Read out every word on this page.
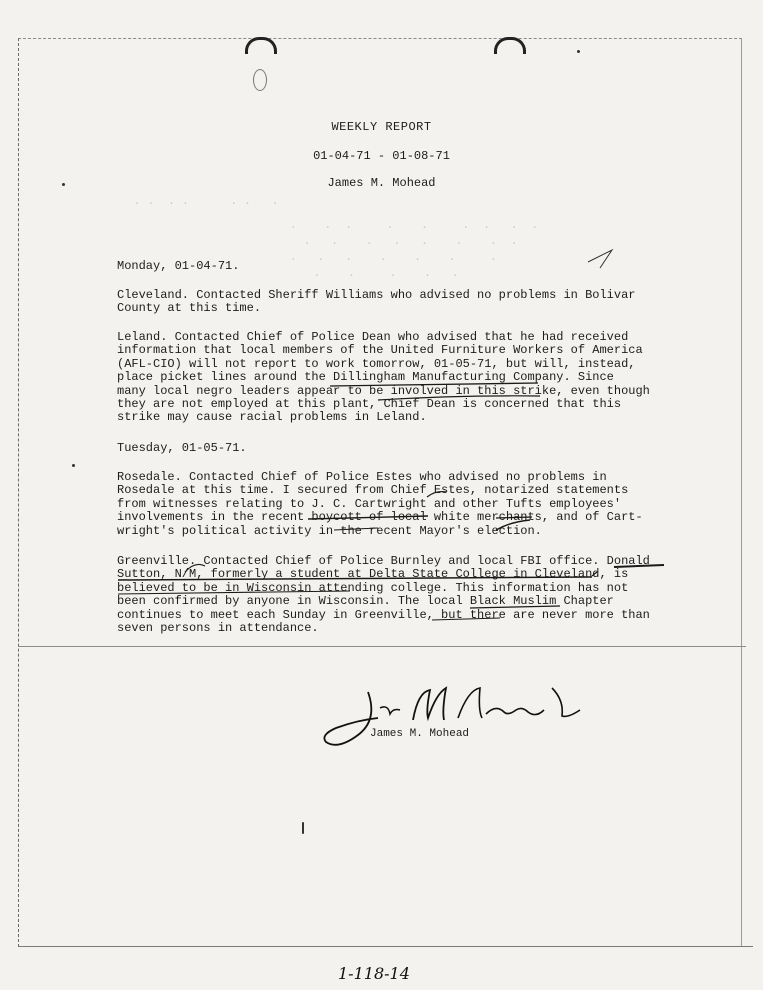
. .  . .      . .   .
.    .  .     .    .     .  .   .  .
.   .    .   .   .    .    .  .
.   .   .    .    .    .     .
.    .     .    .   .
WEEKLY REPORT
01-04-71 - 01-08-71
James M. Mohead
Monday, 01-04-71.
Cleveland. Contacted Sheriff Williams who advised no problems in Bolivar
County at this time.
Leland. Contacted Chief of Police Dean who advised that he had received
information that local members of the United Furniture Workers of America
(AFL-CIO) will not report to work tomorrow, 01-05-71, but will, instead,
place picket lines around the Dillingham Manufacturing Company. Since
many local negro leaders appear to be involved in this strike, even though
they are not employed at this plant, Chief Dean is concerned that this
strike may cause racial problems in Leland.
Tuesday, 01-05-71.
Rosedale. Contacted Chief of Police Estes who advised no problems in
Rosedale at this time. I secured from Chief Estes, notarized statements
from witnesses relating to J. C. Cartwright and other Tufts employees'
involvements in the recent boycott of local white merchants, and of Cart-
wright's political activity in the recent Mayor's election.
Greenville. Contacted Chief of Police Burnley and local FBI office. Donald
Sutton, N/M, formerly a student at Delta State College in Cleveland, is
believed to be in Wisconsin attending college. This information has not
been confirmed by anyone in Wisconsin. The local Black Muslim Chapter
continues to meet each Sunday in Greenville, but there are never more than
seven persons in attendance.
James M. Mohead
1-118-14
